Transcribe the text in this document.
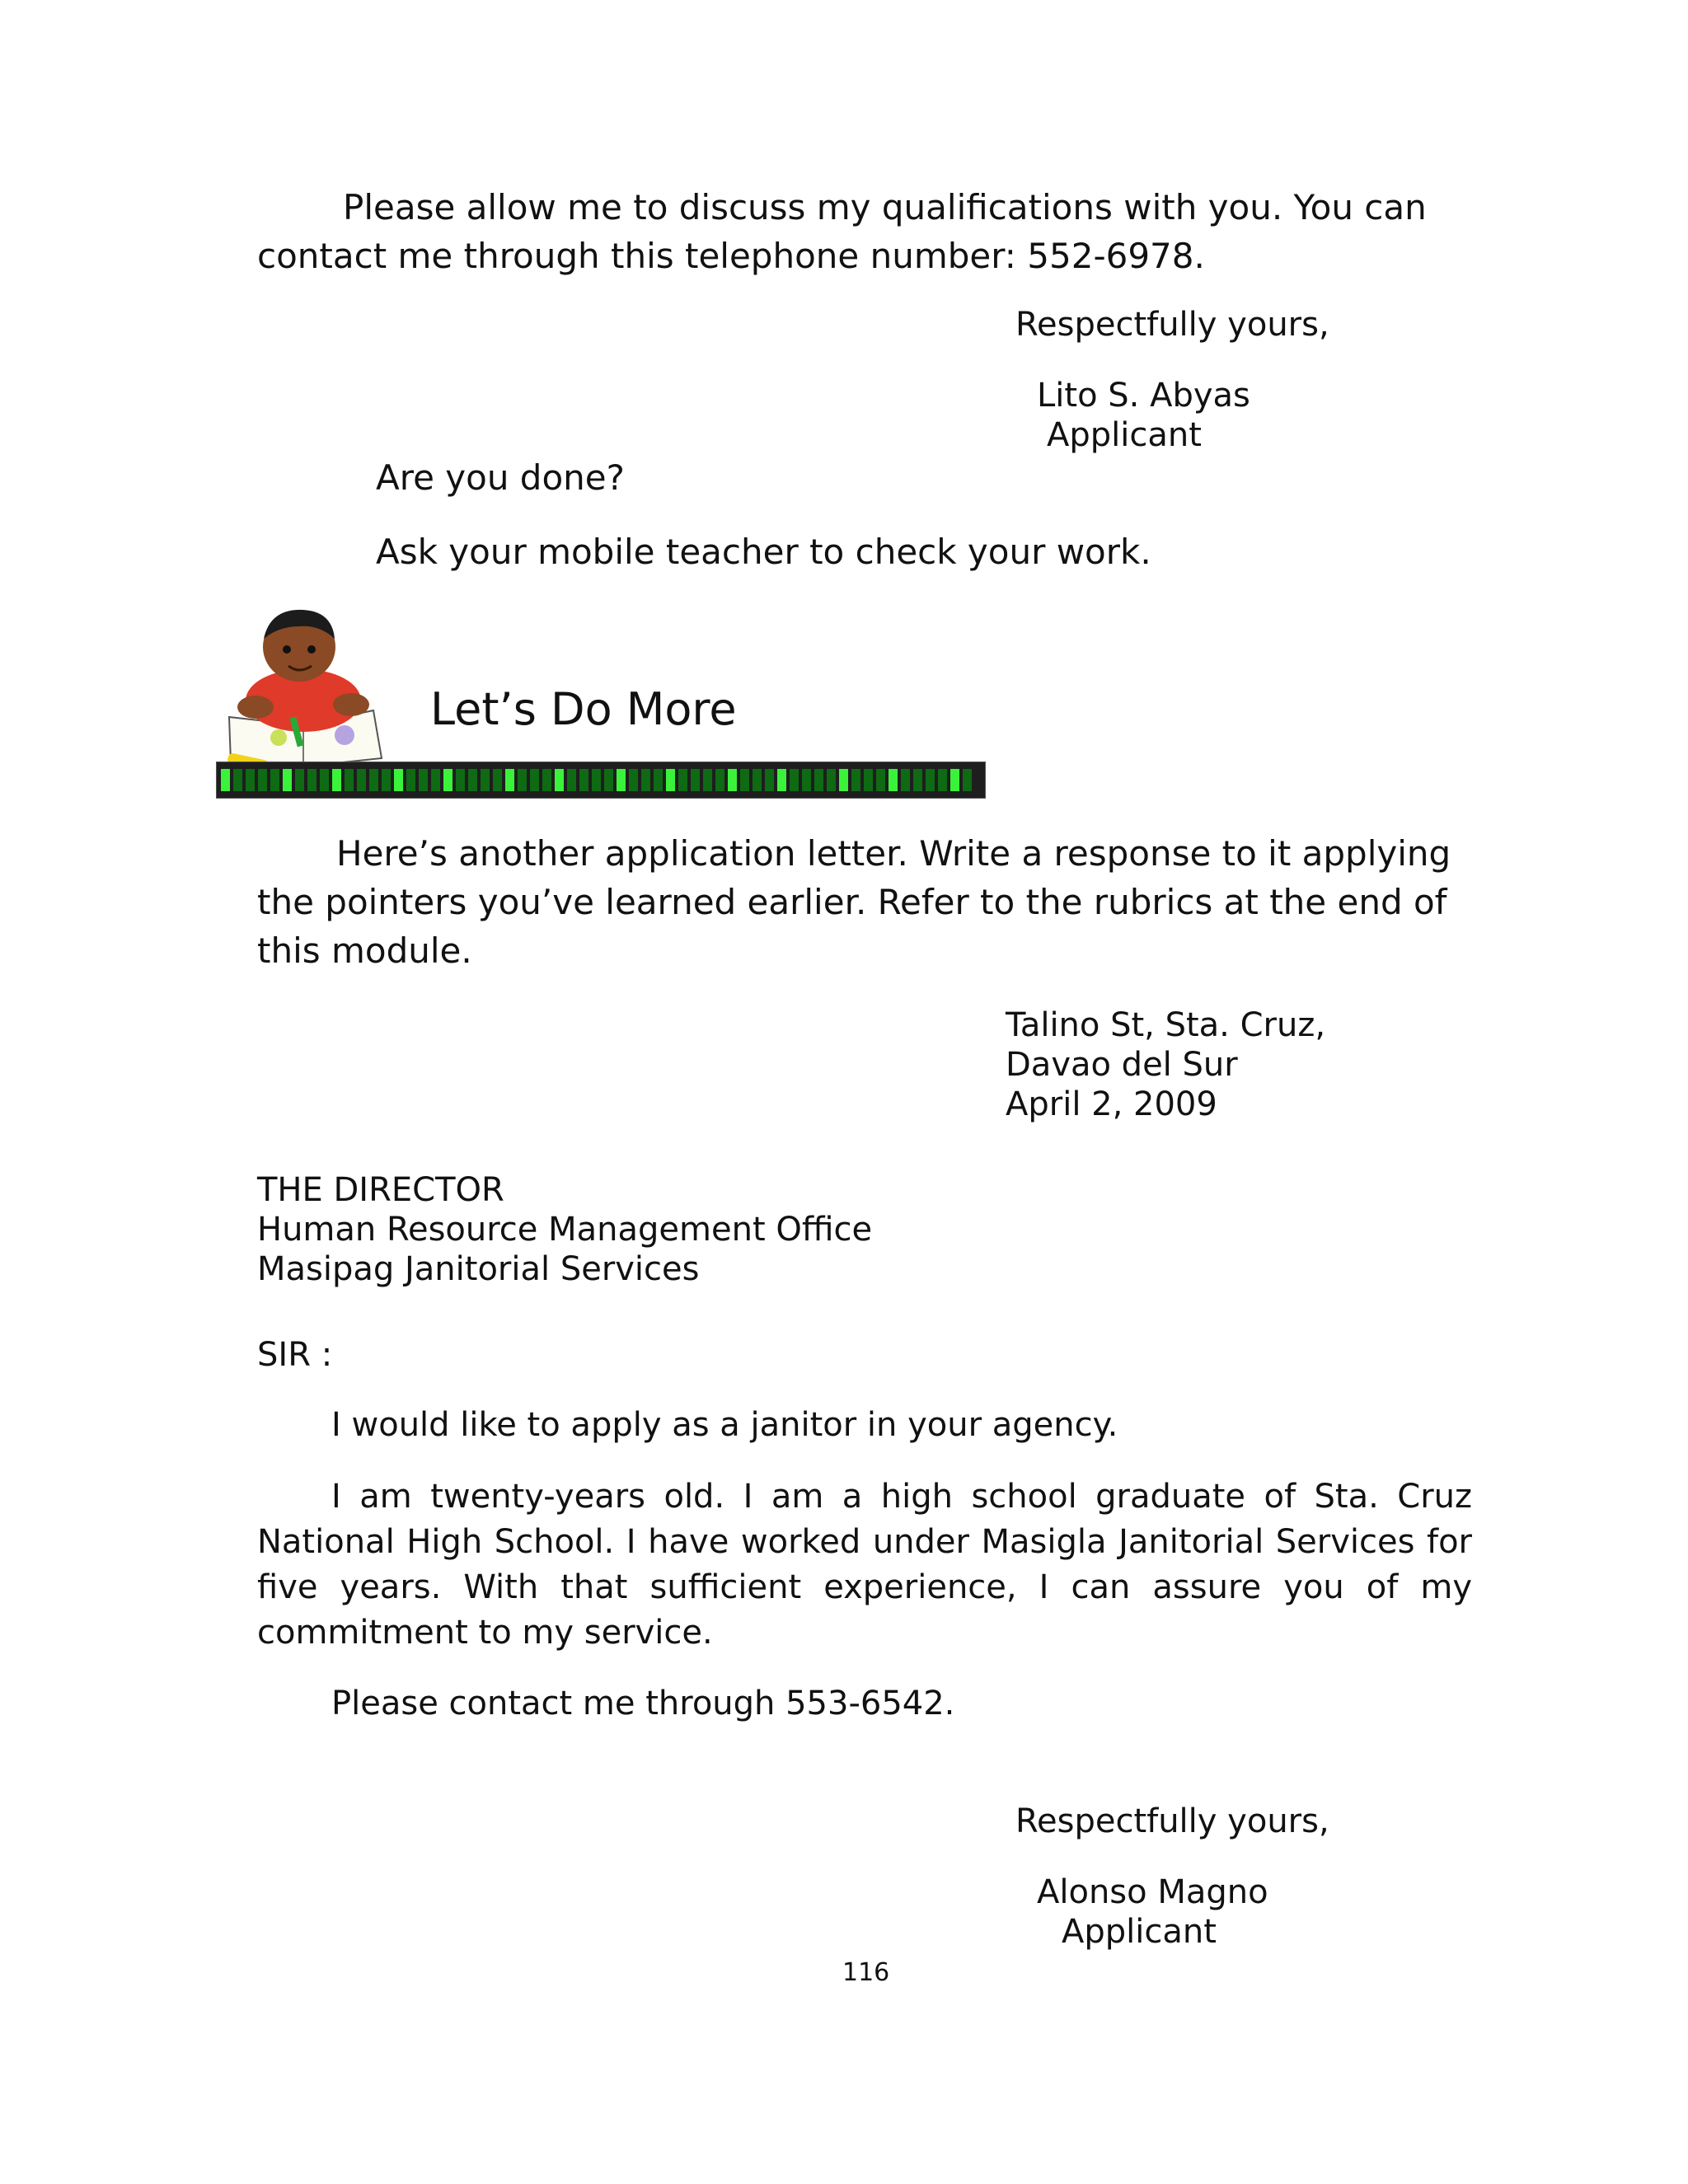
Please allow me to discuss my qualifications with you. You can contact me through this telephone number: 552-6978.

Respectfully yours,
Lito S. Abyas
Applicant
Are you done?
Ask your mobile teacher to check your work.
Let’s Do More

Here’s another application letter. Write a response to it applying the pointers you’ve learned earlier. Refer to the rubrics at the end of this module.

Talino St, Sta. Cruz,
Davao del Sur
April 2, 2009
THE DIRECTOR
Human Resource Management Office
Masipag Janitorial Services
SIR :

I would like to apply as a janitor in your agency.

I am twenty-years old. I am a high school graduate of Sta. Cruz National High School. I have worked under Masigla Janitorial Services for five years. With that sufficient experience, I can assure you of my commitment to my service.

Please contact me through 553-6542.

Respectfully yours,
Alonso Magno
Applicant
116
